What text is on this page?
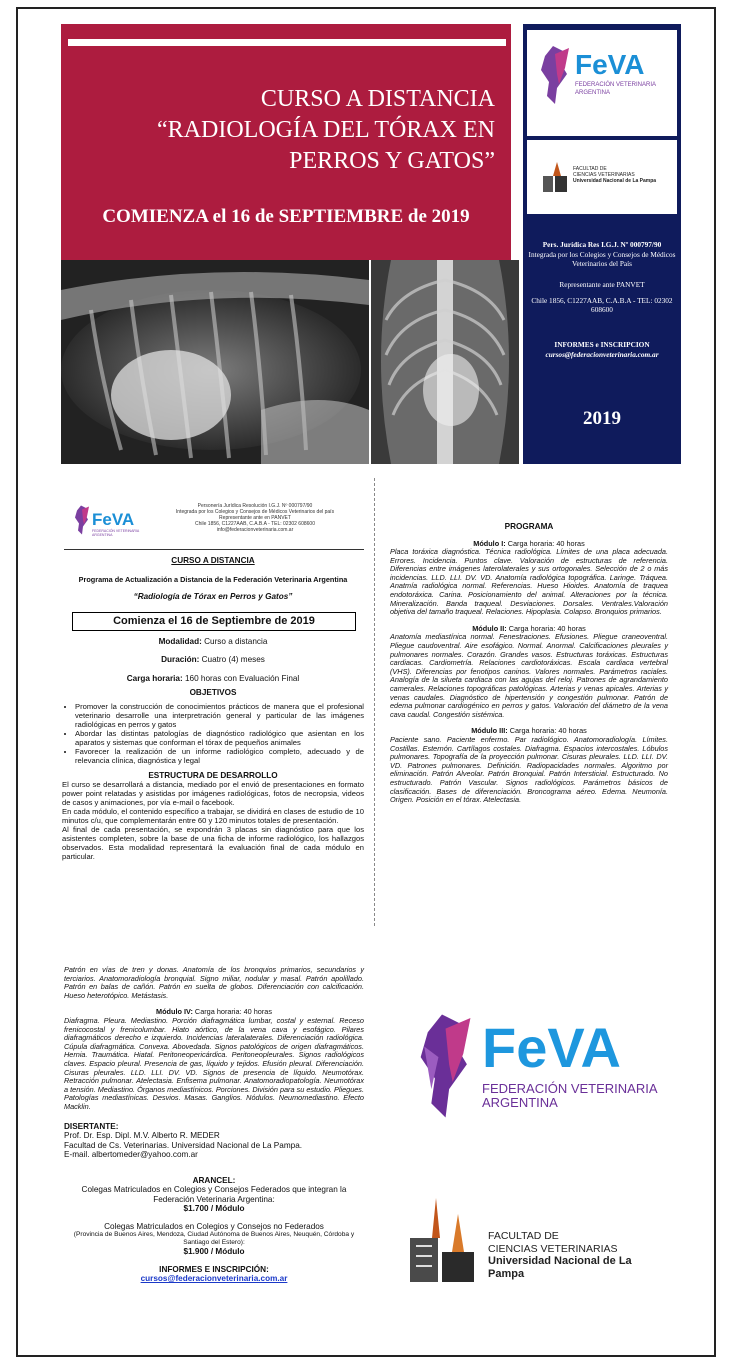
CURSO A DISTANCIA
“RADIOLOGÍA DEL TÓRAX EN
PERROS Y GATOS”
COMIENZA el 16 de SEPTIEMBRE de 2019
FeVA
FEDERACIÓN VETERINARIA
ARGENTINA
FACULTAD DE
CIENCIAS VETERINARIAS
Universidad Nacional de La Pampa
Pers. Jurídica Res I.G.J. Nº 000797/90
Integrada por los Colegios y Consejos de Médicos Veterinarios del País
Representante ante PANVET
Chile 1856, C1227AAB, C.A.B.A - TEL: 02302 608600
INFORMES e INSCRIPCION
cursos@federacionveterinaria.com.ar
2019
FeVA
FEDERACIÓN VETERINARIA
ARGENTINA
Personería Jurídica Resolución I.G.J. Nº 000797/90
Integrada por los Colegios y Consejos de Médicos Veterinarios del país
Representante ante en PANVET
Chile 1856, C1227AAB, C.A.B.A - TEL: 02302 608600
info@federacionveterinaria.com.ar
CURSO A DISTANCIA
Programa de Actualización a Distancia de la Federación Veterinaria Argentina
“Radiología de Tórax en Perros y Gatos”
Comienza el 16 de Septiembre de 2019
Modalidad: Curso a distancia
Duración: Cuatro (4) meses
Carga horaria: 160 horas con Evaluación Final
OBJETIVOS
• Promover la construcción de conocimientos prácticos de manera que el profesional veterinario desarrolle una interpretración general y particular de las imágenes radiológicas en perros y gatos
• Abordar las distintas patologías de diagnóstico radiológico que asientan en los aparatos y sistemas que conforman el tórax de pequeños animales
• Favorecer la realización de un informe radiológico completo, adecuado y de relevancia clínica, diagnóstica y legal
ESTRUCTURA DE DESARROLLO
El curso se desarrollará a distancia, mediado por el envió de presentaciones en formato power point relatadas y asistidas por imágenes radiológicas, fotos de necropsia, videos de casos y animaciones, por vía e-mail o facebook.
En cada módulo, el contenido específico a trabajar, se dividirá en clases de estudio de 10 minutos c/u, que complementarán entre 60 y 120 minutos totales de presentación.
Al final de cada presentación, se expondrán 3 placas sin diagnóstico para que los asistentes completen, sobre la base de una ficha de informe radiológico, los hallazgos observados. Esta modalidad representará la evaluación final de cada módulo en particular.
PROGRAMA
Módulo I: Carga horaria: 40 horas
Placa toráxica diagnóstica. Técnica radiológica. Límites de una placa adecuada. Errores. Incidencia. Puntos clave. Valoración de estructuras de referencia. Diferencias entre imágenes laterolaterales y sus ortogonales. Selección de 2 o más incidencias. LLD. LLI. DV. VD. Anatomía radiológica topográfica. Laringe. Tráquea. Anatmía radiológica normal. Referencias. Hueso Hioides. Anatomía de traquea endotoráxica. Carina. Posicionamiento del animal. Alteraciones por la técnica. Mineralización. Banda traqueal. Desviaciones. Dorsales. Ventrales.Valoración objetiva del tamaño traqueal. Relaciones. Hipoplasia. Colapso. Bronquios primarios.
Módulo II: Carga horaria: 40 horas
Anatomía mediastínica normal. Fenestraciones. Efusiones. Pliegue craneoventral. Pliegue caudoventral. Aire esofágico. Normal. Anormal. Calcificaciones pleurales y pulmonares normales. Corazón. Grandes vasos. Estructuras toráxicas. Estructuras cardiacas. Cardiometría. Relaciones cardiotoráxicas. Escala cardiaca vertebral (VHS). Diferencias por fenotipos caninos. Valores normales. Parámetros raciales. Analogía de la silueta cardiaca con las agujas del reloj. Patrones de agrandamiento camerales. Relaciones topográficas patológicas. Arterias y venas apicales. Arterias y venas caudales. Diagnóstico de hipertensión y congestión pulmonar. Patrón de edema pulmonar cardiogénico en perros y gatos. Valoración del diámetro de la vena cava caudal. Congestión sistémica.
Módulo III: Carga horaria: 40 horas
Paciente sano. Paciente enfermo. Par radiológico. Anatomoradiología. Límites. Costillas. Esternón. Cartílagos costales. Diafragma. Espacios intercostales. Lóbulos pulmonares. Topografía de la proyección pulmonar. Cisuras pleurales. LLD. LLI. DV. VD. Patrones pulmonares. Definición. Radiopacidades normales. Algoritmo por eliminación. Patrón Alveolar. Patrón Bronquial. Patrón Intersticial. Estructurado. No estructurado. Patrón Vascular. Signos radiológicos. Parámetros básicos de clasificación. Bases de diferenciación. Broncograma aéreo. Edema. Neumonía. Origen. Posición en el tórax. Atelectasia.
Patrón en vías de tren y donas. Anatomía de los bronquios primarios, secundarios y terciarios. Anatomoradiología bronquial. Signo miliar, nodular y masal. Patrón apolillado. Patrón en balas de cañón. Patrón en suelta de globos. Diferenciación con calcificación. Hueso heterotópico. Metástasis.
Módulo IV: Carga horaria: 40 horas
Diafragma. Pleura. Mediastino. Porción diafragmática lumbar, costal y esternal. Receso frenicocostal y frenicolumbar. Hiato aórtico, de la vena cava y esofágico. Pilares diafragmáticos derecho e izquierdo. Incidencias lateralaterales. Diferenciación radiológica. Cúpula diafragmática. Convexa. Abovedada. Signos patológicos de origen diafragmáticos. Hernia. Traumática. Hiatal. Peritoneopericárdica. Peritoneopleurales. Signos radiológicos claves. Espacio pleural. Presencia de gas, líquido y tejidos. Efusión pleural. Diferenciación. Cisuras pleurales. LLD. LLI. DV. VD. Signos de presencia de líquido. Neumotórax. Retracción pulmonar. Atelectasia. Enfisema pulmonar. Anatomoradiopatología. Neumotórax a tensión. Mediastino. Órganos mediastínicos. Porciones. División para su estudio. Pliegues. Patologías mediastínicas. Desvios. Masas. Ganglios. Nódulos. Neumomediastino. Efecto Macklin.
DISERTANTE:
Prof. Dr. Esp. Dipl. M.V. Alberto R. MEDER
Facultad de Cs. Veterinarias. Universidad Nacional de La Pampa.
E-mail. albertomeder@yahoo.com.ar
ARANCEL:
Colegas Matriculados en Colegios y Consejos Federados que integran la Federación Veterinaria Argentina:
$1.700 / Módulo
Colegas Matriculados en Colegios y Consejos no Federados
(Provincia de Buenos Aires, Mendoza, Ciudad Autónoma de Buenos Aires, Neuquén, Córdoba y Santiago del Estero):
$1.900 / Módulo
INFORMES E INSCRIPCIÓN:
cursos@federacionveterinaria.com.ar
FeVA
FEDERACIÓN VETERINARIA
ARGENTINA
FACULTAD DE
CIENCIAS VETERINARIAS
Universidad Nacional de La Pampa
